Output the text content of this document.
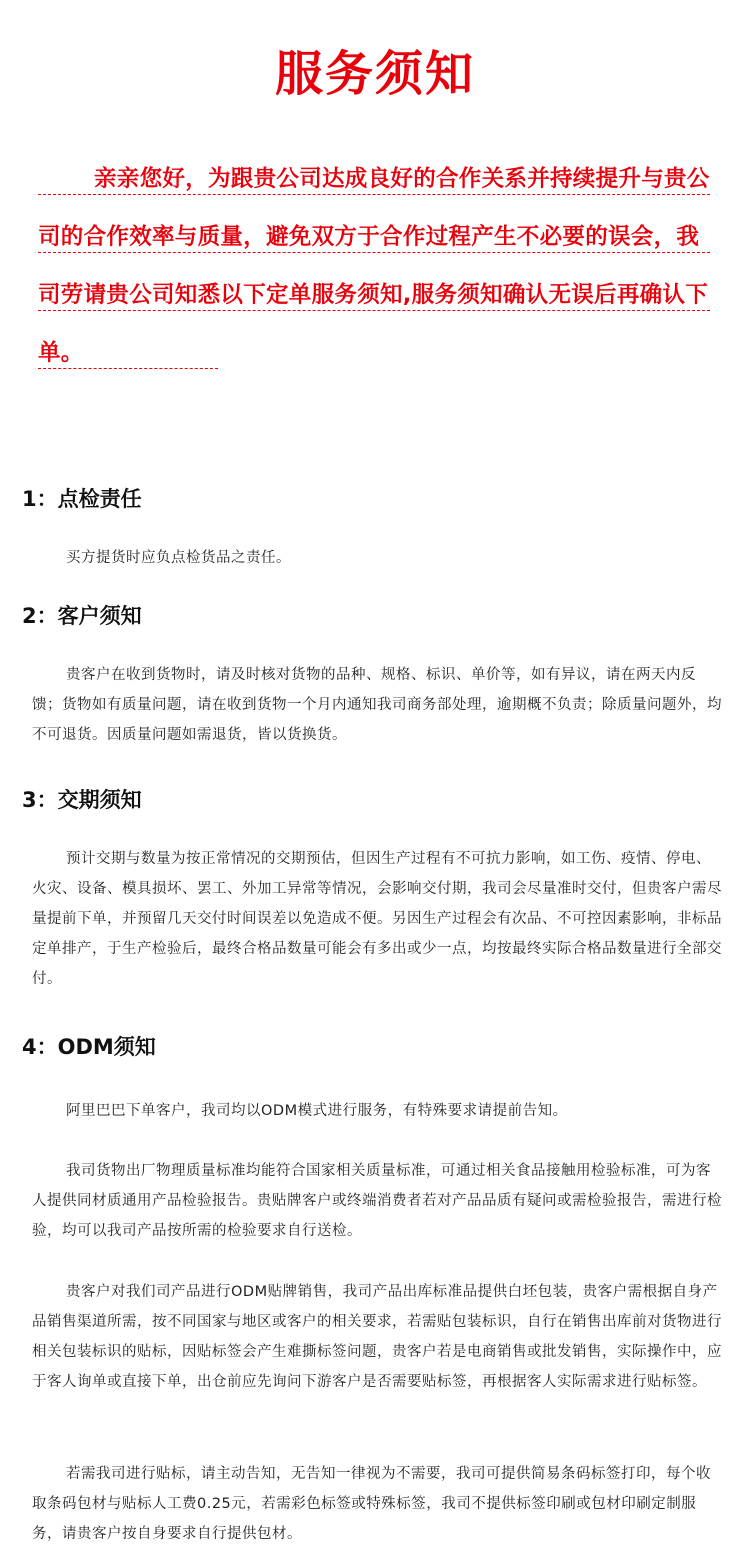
服务须知
亲亲您好，为跟贵公司达成良好的合作关系并持续提升与贵公司的合作效率与质量，避免双方于合作过程产生不必要的误会，我司劳请贵公司知悉以下定单服务须知,服务须知确认无误后再确认下单。
1：点检责任
买方提货时应负点检货品之责任。
2：客户须知
贵客户在收到货物时，请及时核对货物的品种、规格、标识、单价等，如有异议，请在两天内反馈；货物如有质量问题，请在收到货物一个月内通知我司商务部处理，逾期概不负责；除质量问题外，均不可退货。因质量问题如需退货，皆以货换货。
3：交期须知
预计交期与数量为按正常情况的交期预估，但因生产过程有不可抗力影响，如工伤、疫情、停电、火灾、设备、模具损坏、罢工、外加工异常等情况，会影响交付期，我司会尽量准时交付，但贵客户需尽量提前下单，并预留几天交付时间误差以免造成不便。另因生产过程会有次品、不可控因素影响，非标品定单排产，于生产检验后，最终合格品数量可能会有多出或少一点，均按最终实际合格品数量进行全部交付。
4：ODM须知
阿里巴巴下单客户，我司均以ODM模式进行服务，有特殊要求请提前告知。
我司货物出厂物理质量标准均能符合国家相关质量标准，可通过相关食品接触用检验标准，可为客人提供同材质通用产品检验报告。贵贴牌客户或终端消费者若对产品品质有疑问或需检验报告，需进行检验，均可以我司产品按所需的检验要求自行送检。
贵客户对我们司产品进行ODM贴牌销售，我司产品出库标准品提供白坯包装，贵客户需根据自身产品销售渠道所需，按不同国家与地区或客户的相关要求，若需贴包装标识，自行在销售出库前对货物进行相关包装标识的贴标，因贴标签会产生难撕标签问题，贵客户若是电商销售或批发销售，实际操作中，应于客人询单或直接下单，出仓前应先询问下游客户是否需要贴标签，再根据客人实际需求进行贴标签。
若需我司进行贴标，请主动告知，无告知一律视为不需要，我司可提供简易条码标签打印，每个收取条码包材与贴标人工费0.25元，若需彩色标签或特殊标签，我司不提供标签印刷或包材印刷定制服务，请贵客户按自身要求自行提供包材。
